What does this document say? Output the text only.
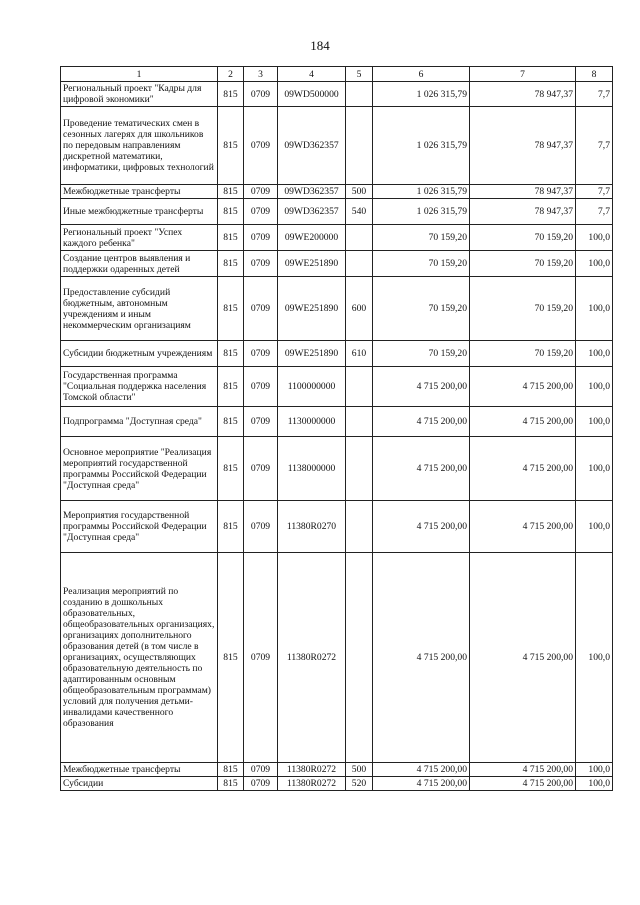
184
1	2	3	4	5	6	7	8
Региональный проект "Кадры для цифровой экономики"	815	0709	09WD500000		1 026 315,79	78 947,37	7,7
Проведение тематических смен в сезонных лагерях для школьников по передовым направлениям дискретной математики, информатики, цифровых технологий	815	0709	09WD362357		1 026 315,79	78 947,37	7,7
Межбюджетные трансферты	815	0709	09WD362357	500	1 026 315,79	78 947,37	7,7
Иные межбюджетные трансферты	815	0709	09WD362357	540	1 026 315,79	78 947,37	7,7
Региональный проект "Успех каждого ребенка"	815	0709	09WE200000		70 159,20	70 159,20	100,0
Создание центров выявления и поддержки одаренных детей	815	0709	09WE251890		70 159,20	70 159,20	100,0
Предоставление субсидий бюджетным, автономным учреждениям и иным некоммерческим организациям	815	0709	09WE251890	600	70 159,20	70 159,20	100,0
Субсидии бюджетным учреждениям	815	0709	09WE251890	610	70 159,20	70 159,20	100,0
Государственная программа "Социальная поддержка населения Томской области"	815	0709	1100000000		4 715 200,00	4 715 200,00	100,0
Подпрограмма "Доступная среда"	815	0709	1130000000		4 715 200,00	4 715 200,00	100,0
Основное мероприятие "Реализация мероприятий государственной программы Российской Федерации "Доступная среда"	815	0709	1138000000		4 715 200,00	4 715 200,00	100,0
Мероприятия государственной программы Российской Федерации "Доступная среда"	815	0709	11380R0270		4 715 200,00	4 715 200,00	100,0
Реализация мероприятий по созданию в дошкольных образовательных, общеобразовательных организациях, организациях дополнительного образования детей (в том числе в организациях, осуществляющих образовательную деятельность по адаптированным основным общеобразовательным программам) условий для получения детьми-инвалидами качественного образования	815	0709	11380R0272		4 715 200,00	4 715 200,00	100,0
Межбюджетные трансферты	815	0709	11380R0272	500	4 715 200,00	4 715 200,00	100,0
Субсидии	815	0709	11380R0272	520	4 715 200,00	4 715 200,00	100,0
